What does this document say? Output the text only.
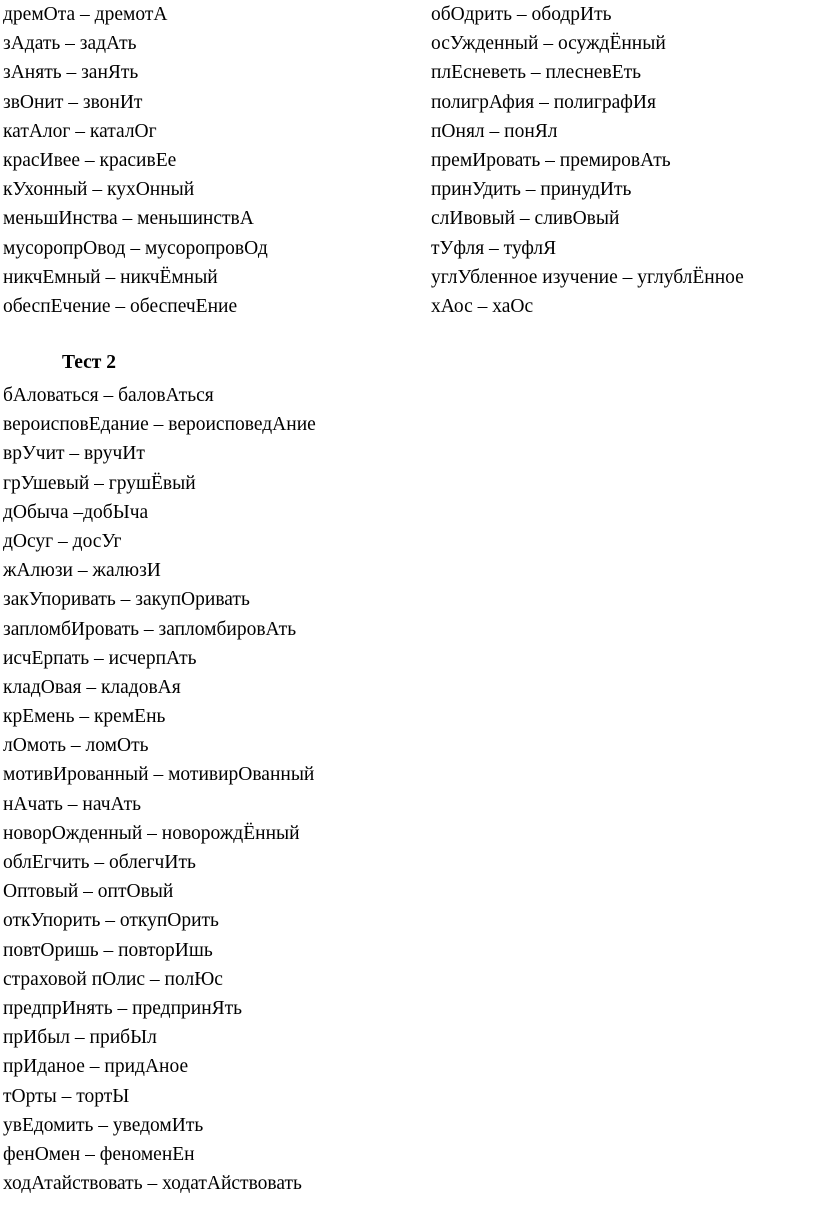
дремОта – дремотА
зАдать – задАть
зАнять – занЯть
звОнит – звонИт
катАлог – каталОг
красИвее – красивЕе
кУхонный – кухОнный
меньшИнства – меньшинствА
мусоропрОвод – мусоропровОд
никчЕмный – никчЁмный
обеспЕчение – обеспечЕние
обОдрить – ободрИть
осУжденный – осуждЁнный
плЕсневеть – плесневЕть
полигрАфия – полиграфИя
пОнял – понЯл
премИровать – премировАть
принУдить – принудИть
слИвовый – сливОвый
тУфля – туфлЯ
углУбленное изучение – углублЁнное
хАос – хаОс
Тест 2
бАловаться – баловАться
вероисповЕдание – вероисповедАние
врУчит – вручИт
грУшевый – грушЁвый
дОбыча –добЫча
дОсуг – досУг
жАлюзи – жалюзИ
закУпоривать – закупОривать
запломбИровать – запломбировАть
исчЕрпать – исчерпАть
кладОвая – кладовАя
крЕмень – кремЕнь
лОмоть – ломОть
мотивИрованный – мотивирОванный
нАчать – начАть
новорОжденный – новорождЁнный
облЕгчить – облегчИть
Оптовый – оптОвый
откУпорить – откупОрить
повтОришь – повторИшь
страховой пОлис – полЮс
предпрИнять – предпринЯть
прИбыл – прибЫл
прИданое – придАное
тОрты – тортЫ
увЕдомить – уведомИть
фенОмен – феноменЕн
ходАтайствовать – ходатАйствовать
